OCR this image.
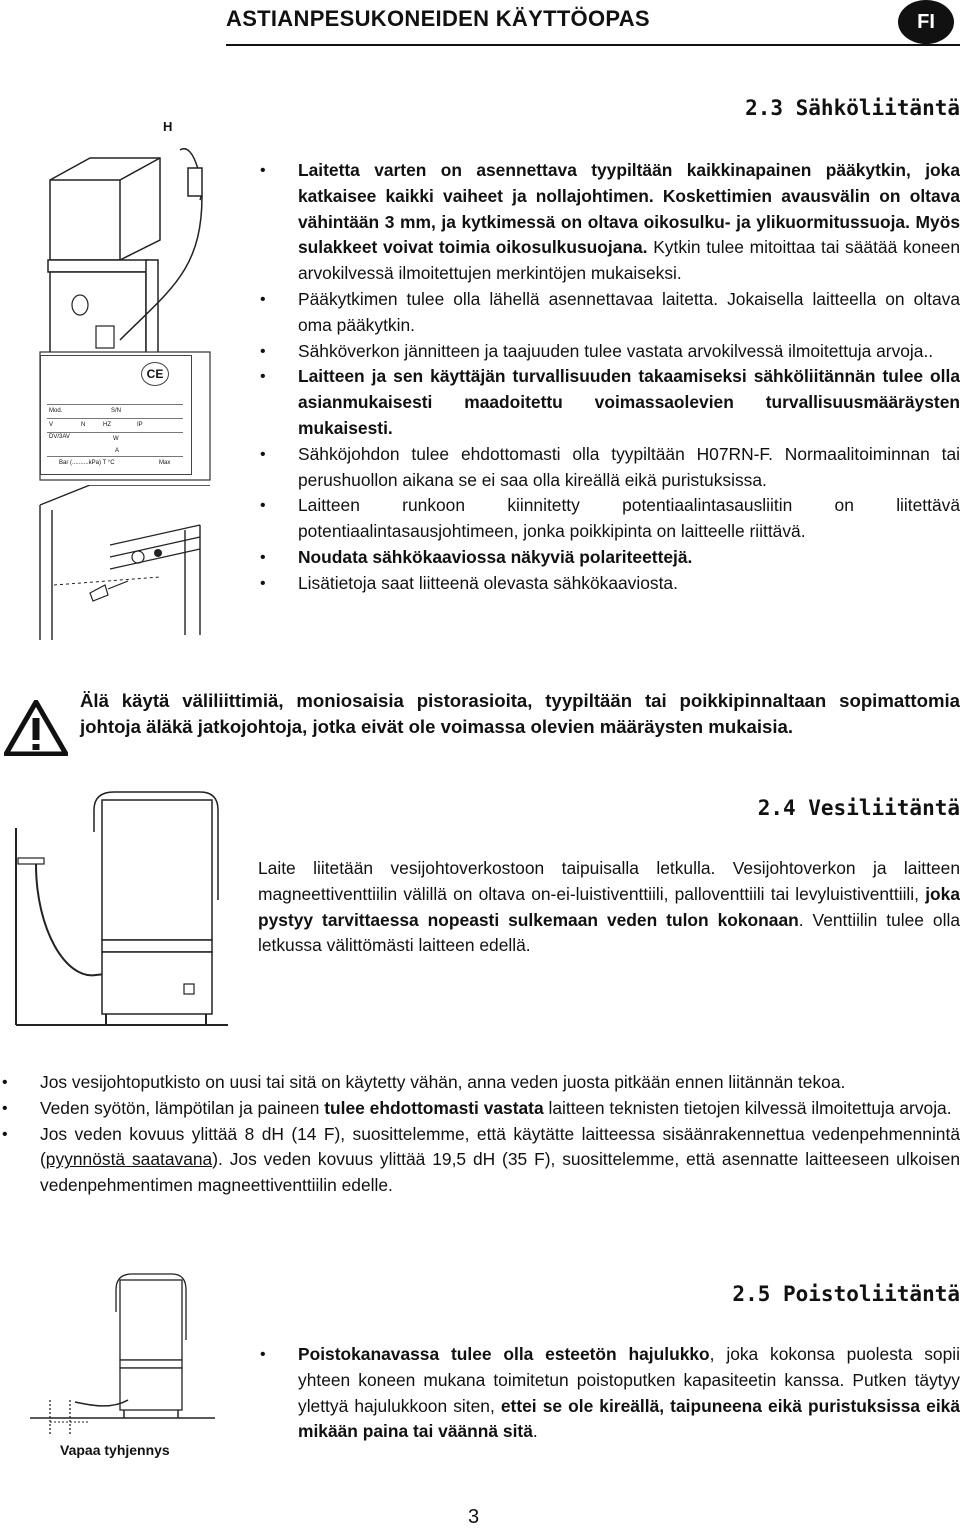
ASTIANPESUKONEIDEN KÄYTTÖOPAS	FI
H
CE
Mod.	S/N
V	N	HZ	IP
DV/3AV	W
A
Bar (..........kPa) T °C	Max
2.3 Sähköliitäntä
• Laitetta varten on asennettava tyypiltään kaikkinapainen pääkytkin, joka katkaisee kaikki vaiheet ja nollajohtimen. Koskettimien avausvälin on oltava vähintään 3 mm, ja kytkimessä on oltava oikosulku- ja ylikuormitussuoja. Myös sulakkeet voivat toimia oikosulkusuojana. Kytkin tulee mitoittaa tai säätää koneen arvokilvessä ilmoitettujen merkintöjen mukaiseksi.
• Pääkytkimen tulee olla lähellä asennettavaa laitetta. Jokaisella laitteella on oltava oma pääkytkin.
• Sähköverkon jännitteen ja taajuuden tulee vastata arvokilvessä ilmoitettuja arvoja..
• Laitteen ja sen käyttäjän turvallisuuden takaamiseksi sähköliitännän tulee olla asianmukaisesti maadoitettu voimassaolevien turvallisuusmääräysten mukaisesti.
• Sähköjohdon tulee ehdottomasti olla tyypiltään H07RN-F. Normaalitoiminnan tai perushuollon aikana se ei saa olla kireällä eikä puristuksissa.
• Laitteen runkoon kiinnitetty potentiaalintasausliitin on liitettävä potentiaalintasausjohtimeen, jonka poikkipinta on laitteelle riittävä.
• Noudata sähkökaaviossa näkyviä polariteettejä.
• Lisätietoja saat liitteenä olevasta sähkökaaviosta.
Älä käytä väliliittimiä, moniosaisia pistorasioita, tyypiltään tai poikkipinnaltaan sopimattomia johtoja äläkä jatkojohtoja, jotka eivät ole voimassa olevien määräysten mukaisia.
2.4 Vesiliitäntä

Laite liitetään vesijohtoverkostoon taipuisalla letkulla. Vesijohtoverkon ja laitteen magneettiventtiilin välillä on oltava on-ei-luistiventtiili, palloventtiili tai levyluistiventtiili, joka pystyy tarvittaessa nopeasti sulkemaan veden tulon kokonaan. Venttiilin tulee olla letkussa välittömästi laitteen edellä.

• Jos vesijohtoputkisto on uusi tai sitä on käytetty vähän, anna veden juosta pitkään ennen liitännän tekoa.
• Veden syötön, lämpötilan ja paineen tulee ehdottomasti vastata laitteen teknisten tietojen kilvessä ilmoitettuja arvoja.
• Jos veden kovuus ylittää 8 dH (14 F), suosittelemme, että käytätte laitteessa sisäänrakennettua vedenpehmennintä (pyynnöstä saatavana). Jos veden kovuus ylittää 19,5 dH (35 F), suosittelemme, että asennatte laitteeseen ulkoisen vedenpehmentimen magneettiventtiilin edelle.
Vapaa tyhjennys
2.5 Poistoliitäntä
• Poistokanavassa tulee olla esteetön hajulukko, joka kokonsa puolesta sopii yhteen koneen mukana toimitetun poistoputken kapasiteetin kanssa. Putken täytyy ylettyä hajulukkoon siten, ettei se ole kireällä, taipuneena eikä puristuksissa eikä mikään paina tai väännä sitä.
3
